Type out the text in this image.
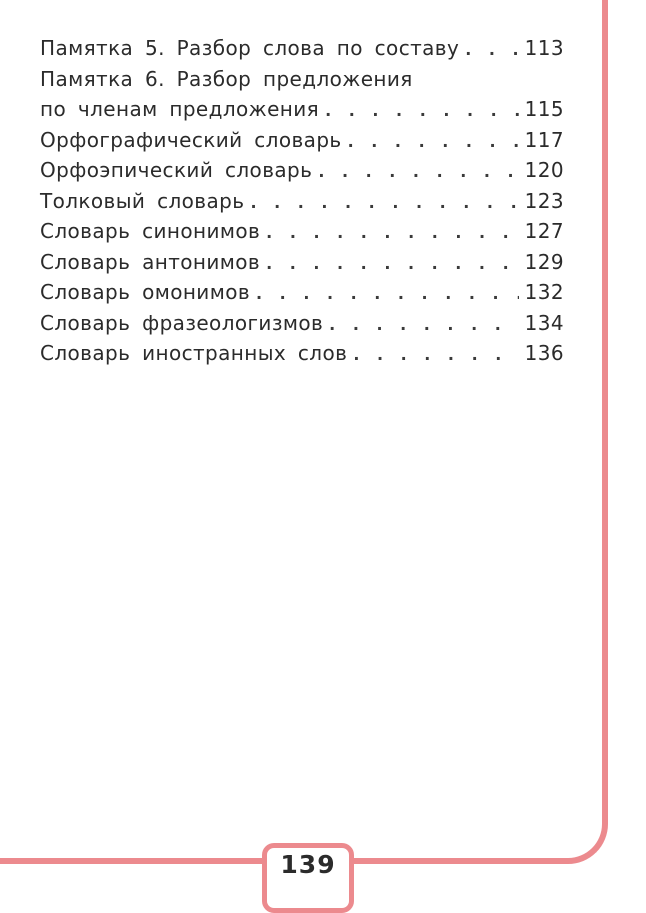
Памятка 5. Разбор слова по составу . . .	113
Памятка 6. Разбор предложения
по членам предложения . . .	115
Орфографический словарь . . .	117
Орфоэпический словарь . . .	120
Толковый словарь . . .	123
Словарь синонимов . . .	127
Словарь антонимов . . .	129
Словарь омонимов . . .	132
Словарь фразеологизмов . . .	134
Словарь иностранных слов . . .	136
139
